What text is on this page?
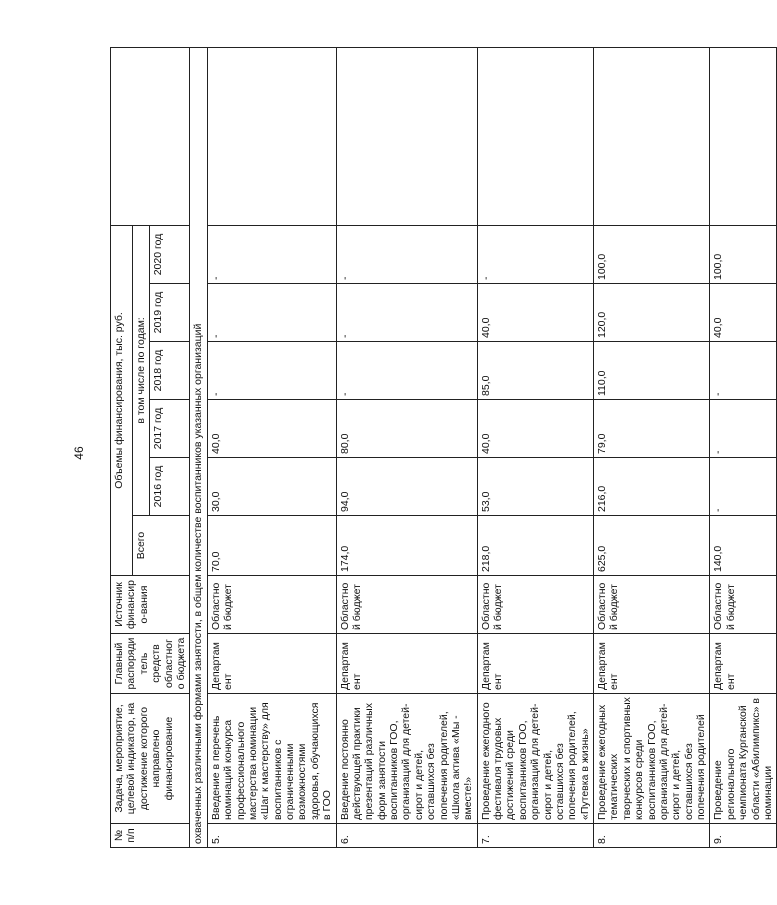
46
№
п/п	Задача, мероприятие, целевой индикатор, на достижение которого направлено финансирование	Главный распорядитель средств областного бюджета	Источник финансиро-вания	Объемы финансирования, тыс. руб.						
				Всего	в том числе по годам:					
					2016 год	2017 год	2018 год	2019 год	2020 год	
охваченных различными формами занятости, в общем количестве воспитанников указанных организаций										
5.	Введение в перечень номинаций конкурса профессионального мастерства номинации «Шаг к мастерству» для воспитанников с ограниченными возможностями здоровья, обучающихся в ГОО	Департамент	Областной бюджет	70,0	30,0	40,0	-	-	-	
6.	Введение постоянно действующей практики презентаций различных форм занятости воспитанников ГОО, организаций для детей-сирот и детей, оставшихся без попечения родителей, «Школа актива «Мы - вместе!»	Департамент	Областной бюджет	174,0	94,0	80,0	-	-	-	
7.	Проведение ежегодного фестиваля трудовых достижений среди воспитанников ГОО, организаций для детей-сирот и детей, оставшихся без попечения родителей, «Путевка в жизнь»	Департамент	Областной бюджет	218,0	53,0	40,0	85,0	40,0	-	
8.	Проведение ежегодных тематических творческих и спортивных конкурсов среди воспитанников ГОО, организаций для детей-сирот и детей, оставшихся без попечения родителей	Департамент	Областной бюджет	625,0	216,0	79,0	110,0	120,0	100,0	
9.	Проведение регионального чемпионата Курганской области «Абилимпикс» в номинации	Департамент	Областной бюджет	140,0	-	-	-	40,0	100,0	
